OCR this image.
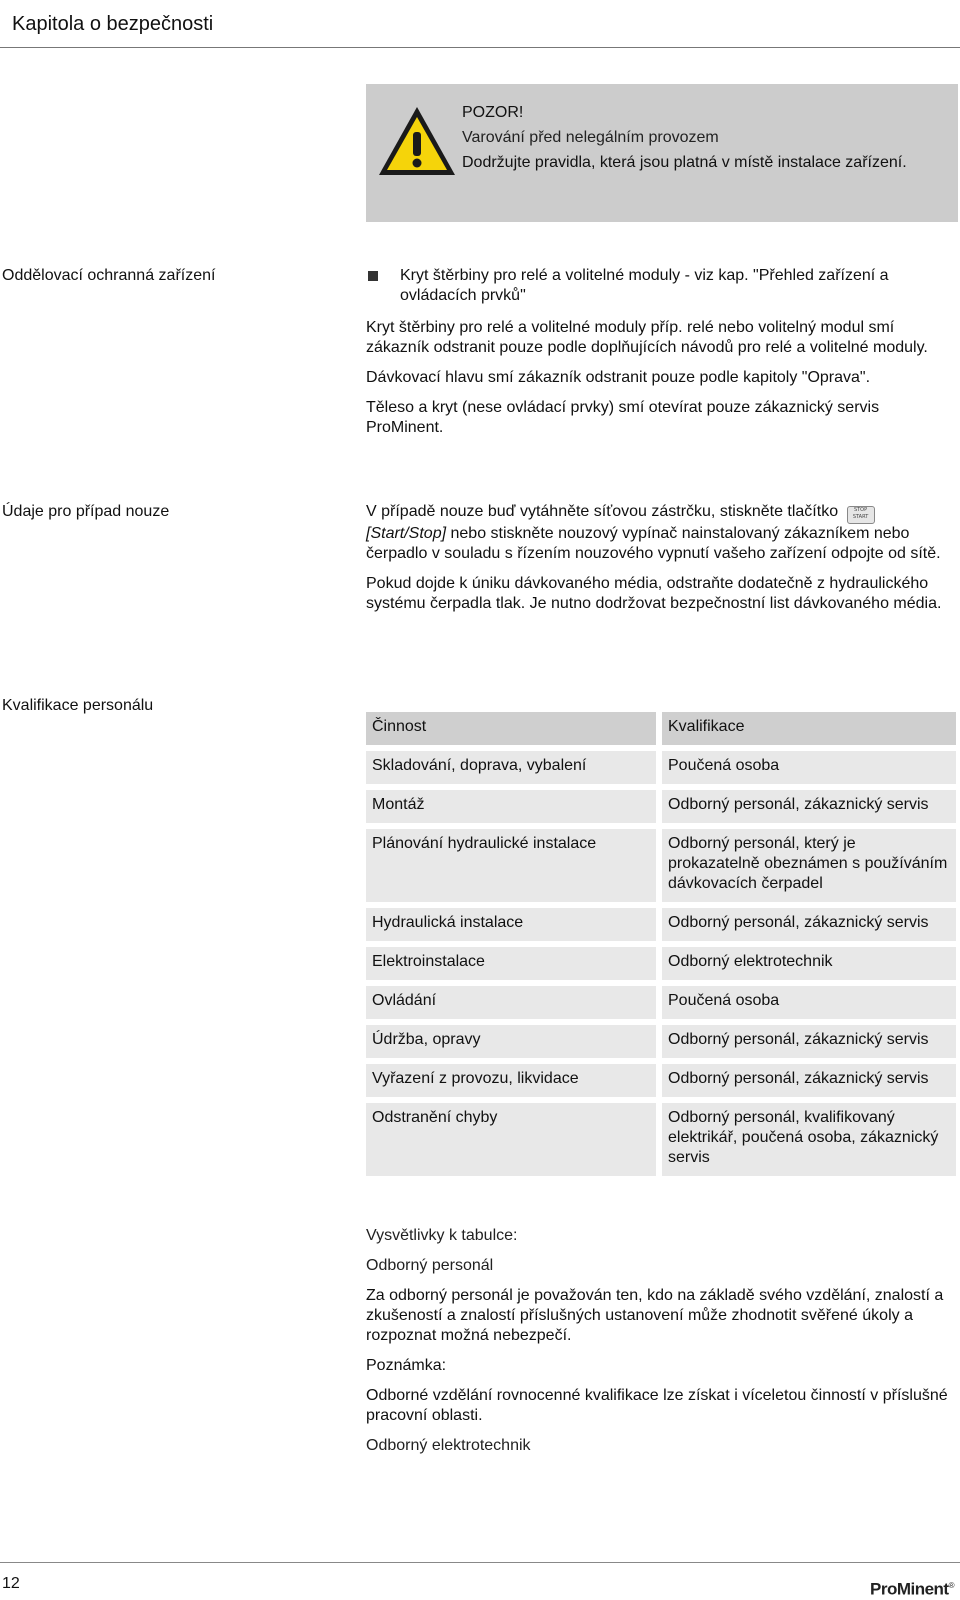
Kapitola o bezpečnosti
POZOR!
Varování před nelegálním provozem
Dodržujte pravidla, která jsou platná v místě instalace zařízení.
Oddělovací ochranná zařízení	Kryt štěrbiny pro relé a volitelné moduly - viz kap. "Přehled zařízení a ovládacích prvků"

Kryt štěrbiny pro relé a volitelné moduly příp. relé nebo volitelný modul smí zákazník odstranit pouze podle doplňujících návodů pro relé a volitelné moduly.

Dávkovací hlavu smí zákazník odstranit pouze podle kapitoly "Oprava".

Těleso a kryt (nese ovládací prvky) smí otevírat pouze zákaznický servis ProMinent.

Údaje pro případ nouze	V případě nouze buď vytáhněte síťovou zástrčku, stiskněte tlačítko	STOP START [Start/Stop] nebo stiskněte nouzový vypínač nainstalovaný zákazníkem nebo čerpadlo v souladu s řízením nouzového vypnutí vašeho zařízení odpojte od sítě.

Pokud dojde k úniku dávkovaného média, odstraňte dodatečně z hydraulického systému čerpadla tlak. Je nutno dodržovat bezpečnostní list dávkovaného média.

Kvalifikace personálu
Činnost	Kvalifikace
Skladování, doprava, vybalení	Poučená osoba
Montáž	Odborný personál, zákaznický servis
Plánování hydraulické instalace	Odborný personál, který je prokazatelně obeznámen s používáním dávkovacích čerpadel
Hydraulická instalace	Odborný personál, zákaznický servis
Elektroinstalace	Odborný elektrotechnik
Ovládání	Poučená osoba
Údržba, opravy	Odborný personál, zákaznický servis
Vyřazení z provozu, likvidace	Odborný personál, zákaznický servis
Odstranění chyby	Odborný personál, kvalifikovaný elektrikář, poučená osoba, zákaznický servis

Vysvětlivky k tabulce:

Odborný personál

Za odborný personál je považován ten, kdo na základě svého vzdělání, znalostí a zkušeností a znalostí příslušných ustanovení může zhodnotit svěřené úkoly a rozpoznat možná nebezpečí.

Poznámka:

Odborné vzdělání rovnocenné kvalifikace lze získat i víceletou činností v příslušné pracovní oblasti.

Odborný elektrotechnik

12	ProMinent®
